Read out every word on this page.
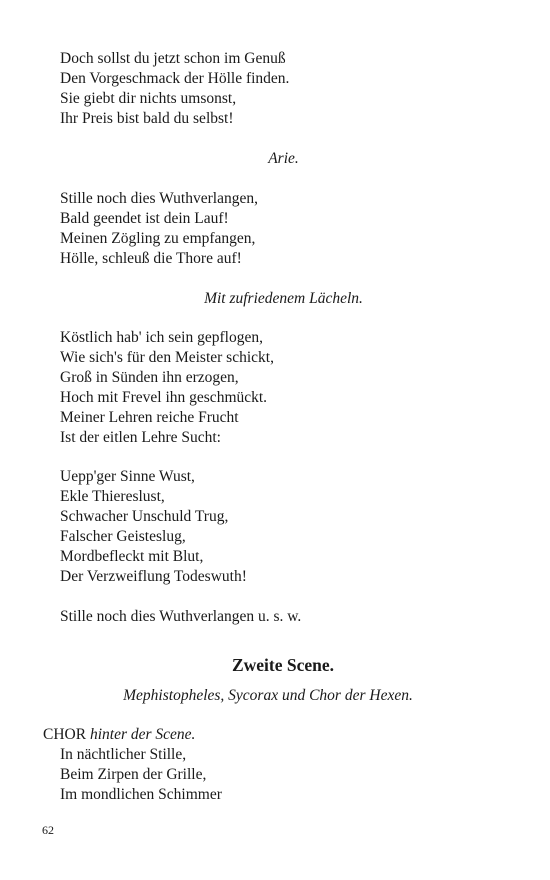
Doch sollst du jetzt schon im Genuß
Den Vorgeschmack der Hölle finden.
Sie giebt dir nichts umsonst,
Ihr Preis bist bald du selbst!
Arie.
Stille noch dies Wuthverlangen,
Bald geendet ist dein Lauf!
Meinen Zögling zu empfangen,
Hölle, schleuß die Thore auf!
Mit zufriedenem Lächeln.
Köstlich hab' ich sein gepflogen,
Wie sich's für den Meister schickt,
Groß in Sünden ihn erzogen,
Hoch mit Frevel ihn geschmückt.
Meiner Lehren reiche Frucht
Ist der eitlen Lehre Sucht:
Uepp'ger Sinne Wust,
Ekle Thiereslust,
Schwacher Unschuld Trug,
Falscher Geisteslug,
Mordbefleckt mit Blut,
Der Verzweiflung Todeswuth!
Stille noch dies Wuthverlangen u. s. w.
Zweite Scene.
Mephistopheles, Sycorax und Chor der Hexen.
CHOR hinter der Scene.
In nächtlicher Stille,
Beim Zirpen der Grille,
Im mondlichen Schimmer
62
